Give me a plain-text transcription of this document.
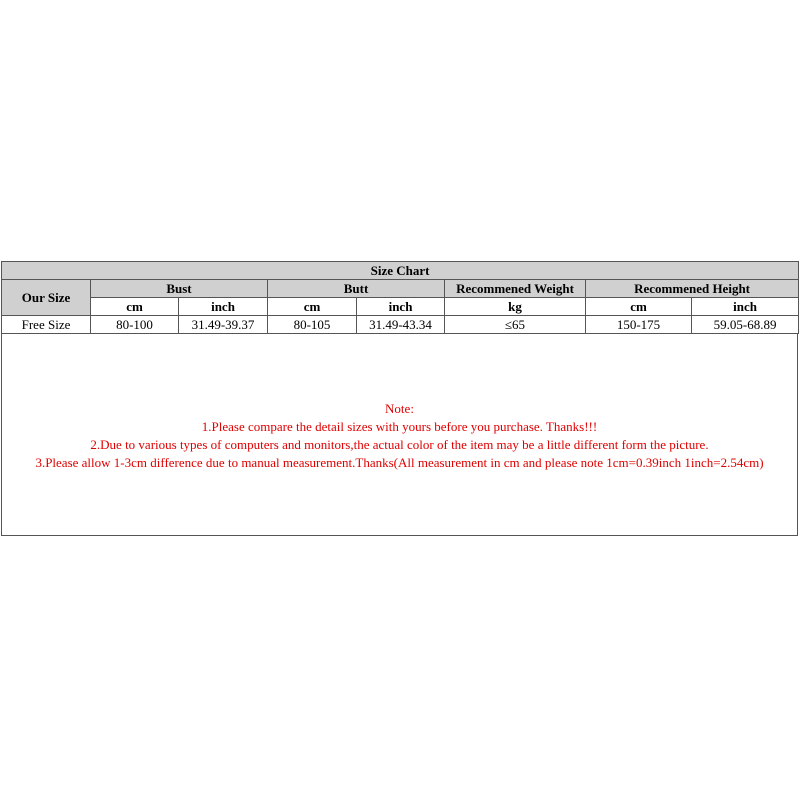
Size Chart							
Our Size	Bust		Butt		Recommened Weight	Recommened Height	
	cm	inch	cm	inch	kg	cm	inch
Free Size	80-100	31.49-39.37	80-105	31.49-43.34	≤65	150-175	59.05-68.89
Note:
1.Please compare the detail sizes with yours before you purchase. Thanks!!!
2.Due to various types of computers and monitors,the actual color of the item may be a little different form the picture.
3.Please allow 1-3cm difference due to manual measurement.Thanks(All measurement in cm and please note 1cm=0.39inch 1inch=2.54cm)
